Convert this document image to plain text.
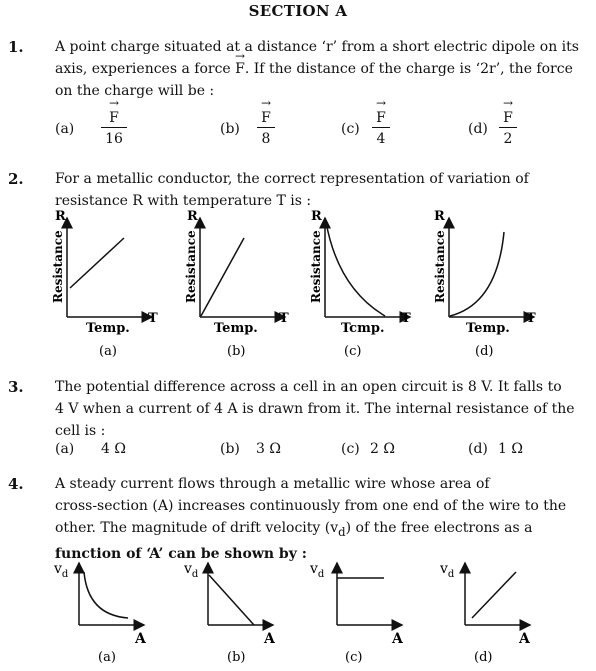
SECTION A
1. A point charge situated at a distance ‘r’ from a short electric dipole on its
axis, experiences a force → F. If the distance of the charge is ‘2r’, the force
on the charge will be :
(a)
→ $\frac{F}{16}$	(b)
→ $\frac{F}{8}$	(c)
→ $\frac{F}{4}$	(d)
→ $\frac{F}{2}$
2. For a metallic conductor, the correct representation of variation of
resistance R with temperature T is :
R
Resistance
T
Temp.
(a)
R
Resistance
T
Temp.
(b)
R
Resistance
T
Tcmp.
(c)
R
Resistance
T
Temp.
(d)
3. The potential difference across a cell in an open circuit is 8 V. It falls to
4 V when a current of 4 A is drawn from it. The internal resistance of the
cell is :
(a) 4 Ω	(b) 3 Ω	(c) 2 Ω	(d) 1 Ω
4. A steady current flows through a metallic wire whose area of
cross-section (A) increases continuously from one end of the wire to the
other. The magnitude of drift velocity $(v_d)$ of the free electrons as a
function of ‘A’ can be shown by :
$v_d$
A
(a)
$v_d$
A
(b)
$v_d$
A
(c)
$v_d$
A
(d)
